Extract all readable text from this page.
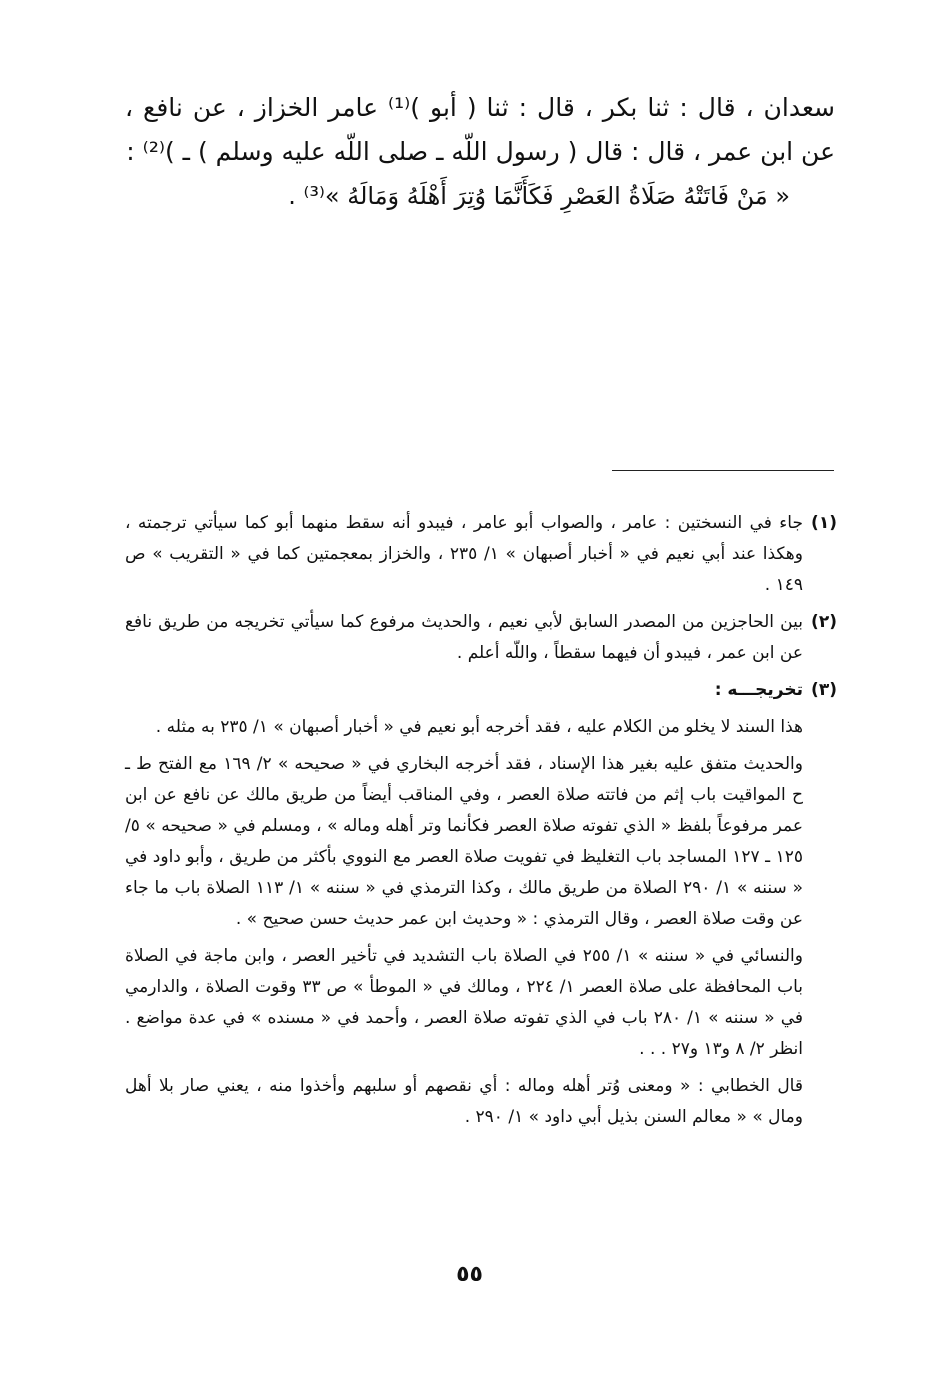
سعدان ، قال : ثنا بكر ، قال : ثنا ( أبو )⁽¹⁾ عامر الخزاز ، عن نافع ، عن ابن عمر ، قال : قال ( رسول اللّه ـ صلى اللّه عليه وسلم ) ـ )⁽²⁾ :

« مَنْ فَاتَتْهُ صَلَاةُ العَصْرِ فَكَأَنَّمَا وُتِرَ أَهْلَهُ وَمَالَهُ »⁽³⁾ .

(١)
جاء في النسختين : عامر ، والصواب أبو عامر ، فيبدو أنه سقط منهما أبو كما سيأتي ترجمته ، وهكذا عند أبي نعيم في « أخبار أصبهان » ١/ ٢٣٥ ، والخزاز بمعجمتين كما في « التقريب » ص ١٤٩ .
(٢)
بين الحاجزين من المصدر السابق لأبي نعيم ، والحديث مرفوع كما سيأتي تخريجه من طريق نافع عن ابن عمر ، فيبدو أن فيهما سقطاً ، واللّه أعلم .
(٣)
تخريجـــه :

هذا السند لا يخلو من الكلام عليه ، فقد أخرجه أبو نعيم في « أخبار أصبهان » ١/ ٢٣٥ به مثله .

والحديث متفق عليه بغير هذا الإسناد ، فقد أخرجه البخاري في « صحيحه » ٢/ ١٦٩ مع الفتح ط ـ ح المواقيت باب إثم من فاتته صلاة العصر ، وفي المناقب أيضاً من طريق مالك عن نافع عن ابن عمر مرفوعاً بلفظ « الذي تفوته صلاة العصر فكأنما وتر أهله وماله » ، ومسلم في « صحيحه » ٥/ ١٢٥ ـ ١٢٧ المساجد باب التغليظ في تفويت صلاة العصر مع النووي بأكثر من طريق ، وأبو داود في « سننه » ١/ ٢٩٠ الصلاة من طريق مالك ، وكذا الترمذي في « سننه » ١/ ١١٣ الصلاة باب ما جاء عن وقت صلاة العصر ، وقال الترمذي : « وحديث ابن عمر حديث حسن صحيح » .

والنسائي في « سننه » ١/ ٢٥٥ في الصلاة باب التشديد في تأخير العصر ، وابن ماجة في الصلاة باب المحافظة على صلاة العصر ١/ ٢٢٤ ، ومالك في « الموطأ » ص ٣٣ وقوت الصلاة ، والدارمي في « سننه » ١/ ٢٨٠ باب في الذي تفوته صلاة العصر ، وأحمد في « مسنده » في عدة مواضع . انظر ٢/ ٨ و١٣ و٢٧ . . .

قال الخطابي : « ومعنى وُتر أهله وماله : أي نقصهم أو سلبهم وأخذوا منه ، يعني صار بلا أهل ومال » « معالم السنن بذيل أبي داود » ١/ ٢٩٠ .

٥٥
